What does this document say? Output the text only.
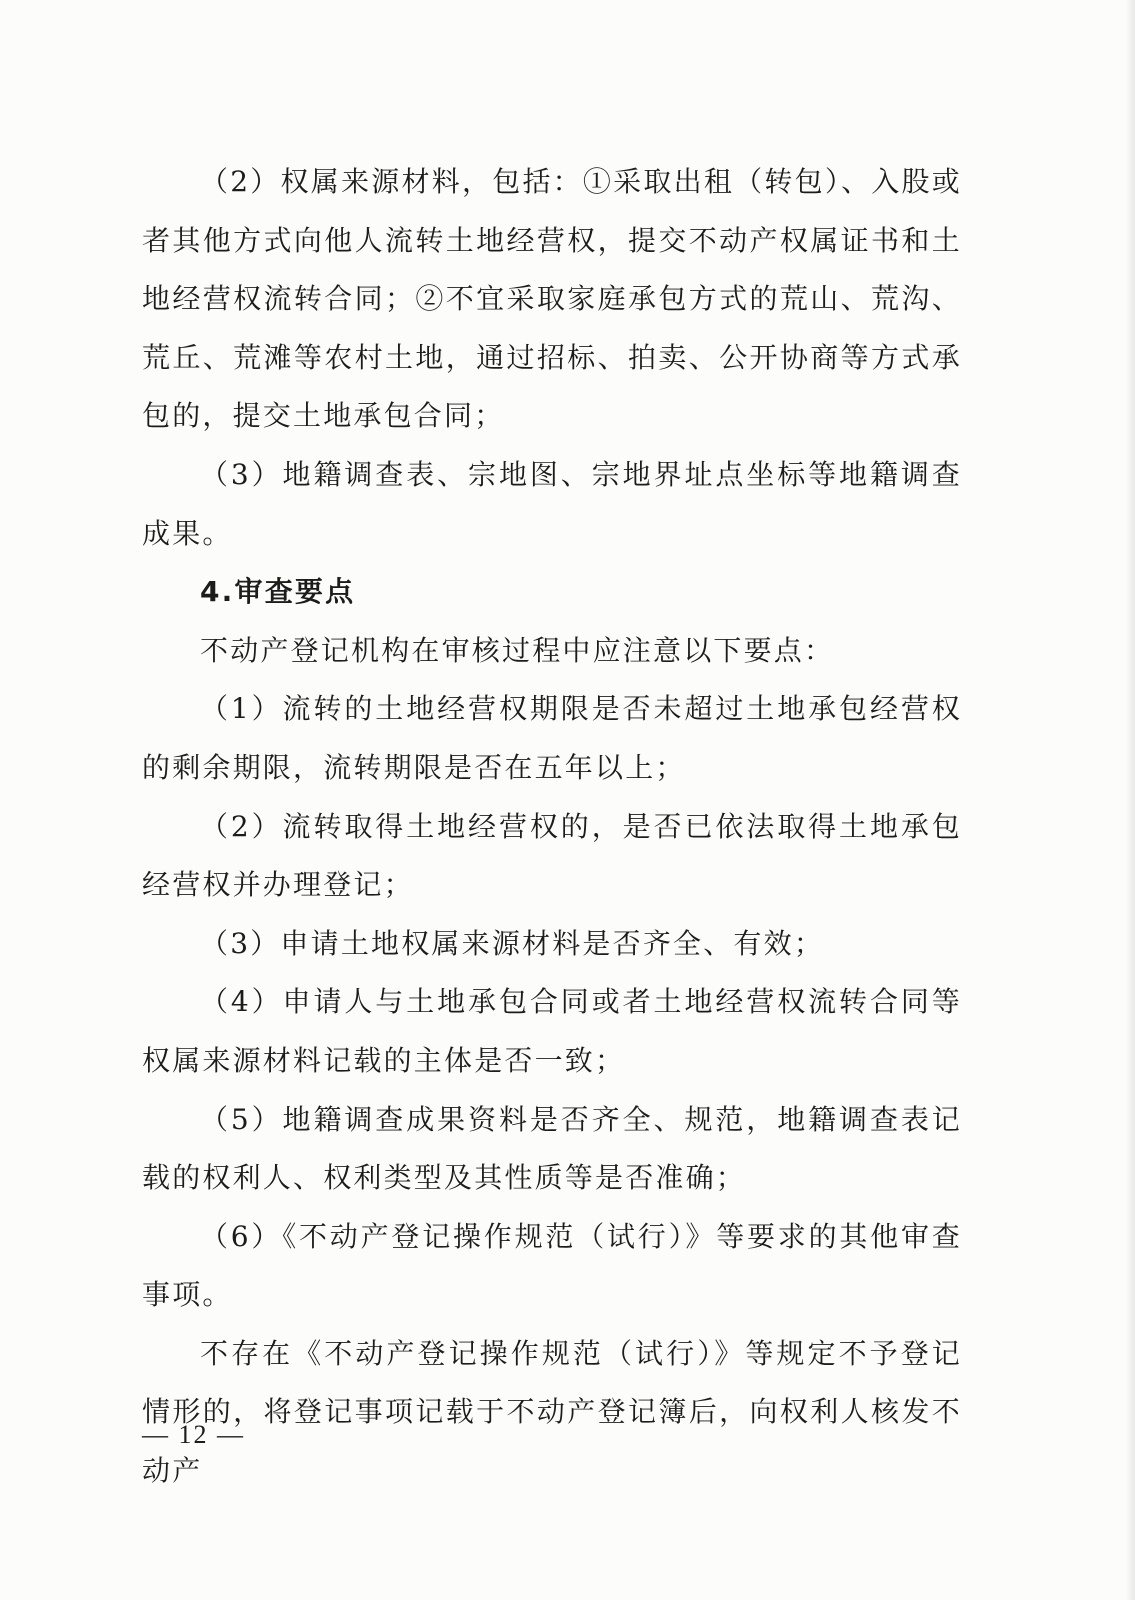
（2）权属来源材料，包括：①采取出租（转包）、入股或者其他方式向他人流转土地经营权，提交不动产权属证书和土地经营权流转合同；②不宜采取家庭承包方式的荒山、荒沟、荒丘、荒滩等农村土地，通过招标、拍卖、公开协商等方式承包的，提交土地承包合同；

（3）地籍调查表、宗地图、宗地界址点坐标等地籍调查成果。

4.审查要点

不动产登记机构在审核过程中应注意以下要点：

（1）流转的土地经营权期限是否未超过土地承包经营权的剩余期限，流转期限是否在五年以上；

（2）流转取得土地经营权的，是否已依法取得土地承包经营权并办理登记；

（3）申请土地权属来源材料是否齐全、有效；

（4）申请人与土地承包合同或者土地经营权流转合同等权属来源材料记载的主体是否一致；

（5）地籍调查成果资料是否齐全、规范，地籍调查表记载的权利人、权利类型及其性质等是否准确；

（6）《不动产登记操作规范（试行）》等要求的其他审查事项。

不存在《不动产登记操作规范（试行）》等规定不予登记情形的，将登记事项记载于不动产登记簿后，向权利人核发不动产

— 12 —
